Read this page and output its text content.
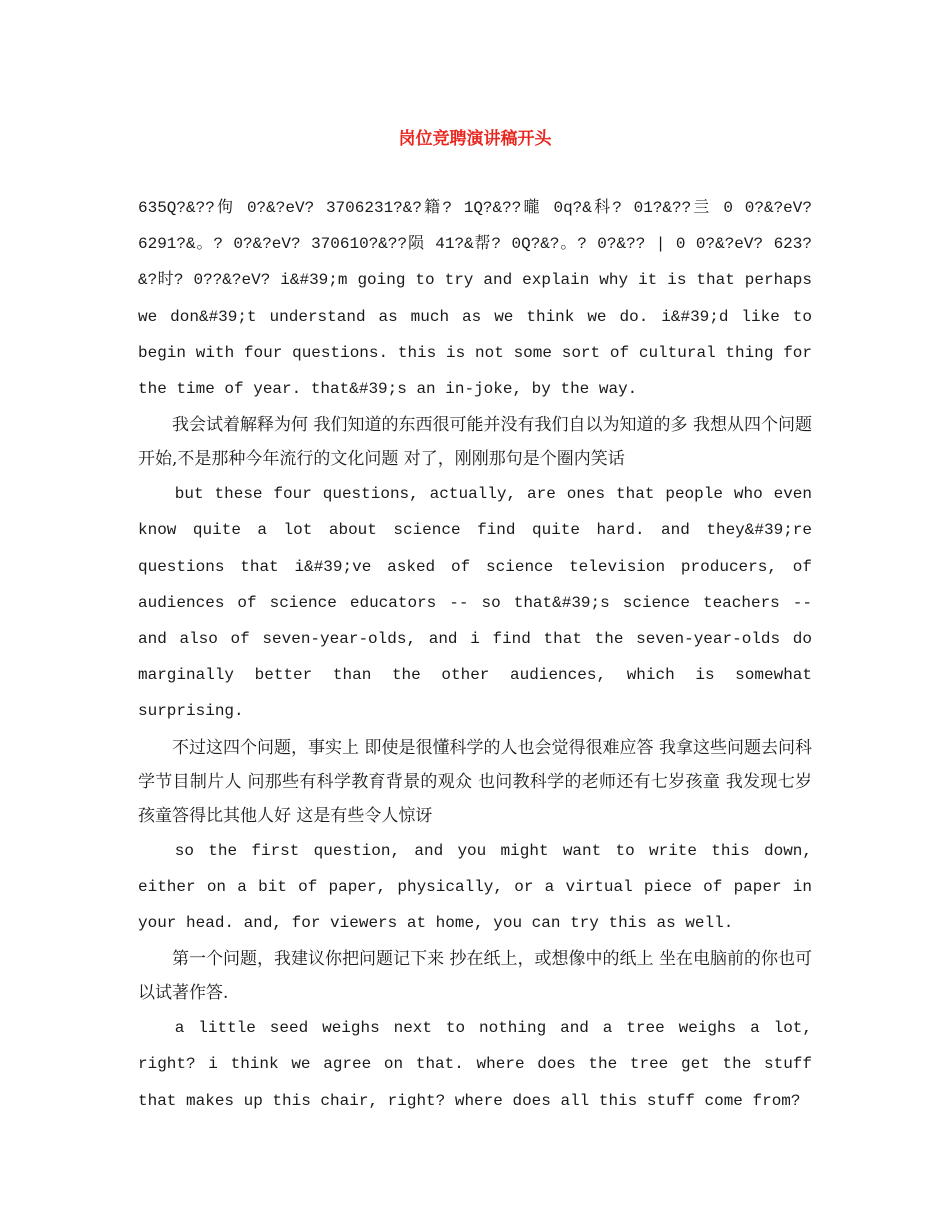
岗位竞聘演讲稿开头

635Q?&??佝 0?&?eV? 3706231?&?籍? 1Q?&??曨 0q?&科? 01?&??亖 0 0?&?eV? 6291?&。? 0?&?eV? 370610?&??陨 41?&帮? 0Q?&?。? 0?&?? | 0 0?&?eV? 623?&?时? 0??&?eV? i&#39;m going to try and explain why it is that perhaps we don&#39;t understand as much as we think we do. i&#39;d like to begin with four questions. this is not some sort of cultural thing for the time of year. that&#39;s an in-joke, by the way.

我会试着解释为何 我们知道的东西很可能并没有我们自以为知道的多 我想从四个问题开始,不是那种今年流行的文化问题 对了，刚刚那句是个圈内笑话

but these four questions, actually, are ones that people who even know quite a lot about science find quite hard. and they&#39;re questions that i&#39;ve asked of science television producers, of audiences of science educators -- so that&#39;s science teachers -- and also of seven-year-olds, and i find that the seven-year-olds do marginally better than the other audiences, which is somewhat surprising.

不过这四个问题，事实上 即使是很懂科学的人也会觉得很难应答 我拿这些问题去问科学节目制片人 问那些有科学教育背景的观众 也问教科学的老师还有七岁孩童 我发现七岁孩童答得比其他人好 这是有些令人惊讶

so the first question, and you might want to write this down, either on a bit of paper, physically, or a virtual piece of paper in your head. and, for viewers at home, you can try this as well.

第一个问题，我建议你把问题记下来 抄在纸上，或想像中的纸上 坐在电脑前的你也可以试著作答.

a little seed weighs next to nothing and a tree weighs a lot, right? i think we agree on that. where does the tree get the stuff that makes up this chair, right? where does all this stuff come from?
